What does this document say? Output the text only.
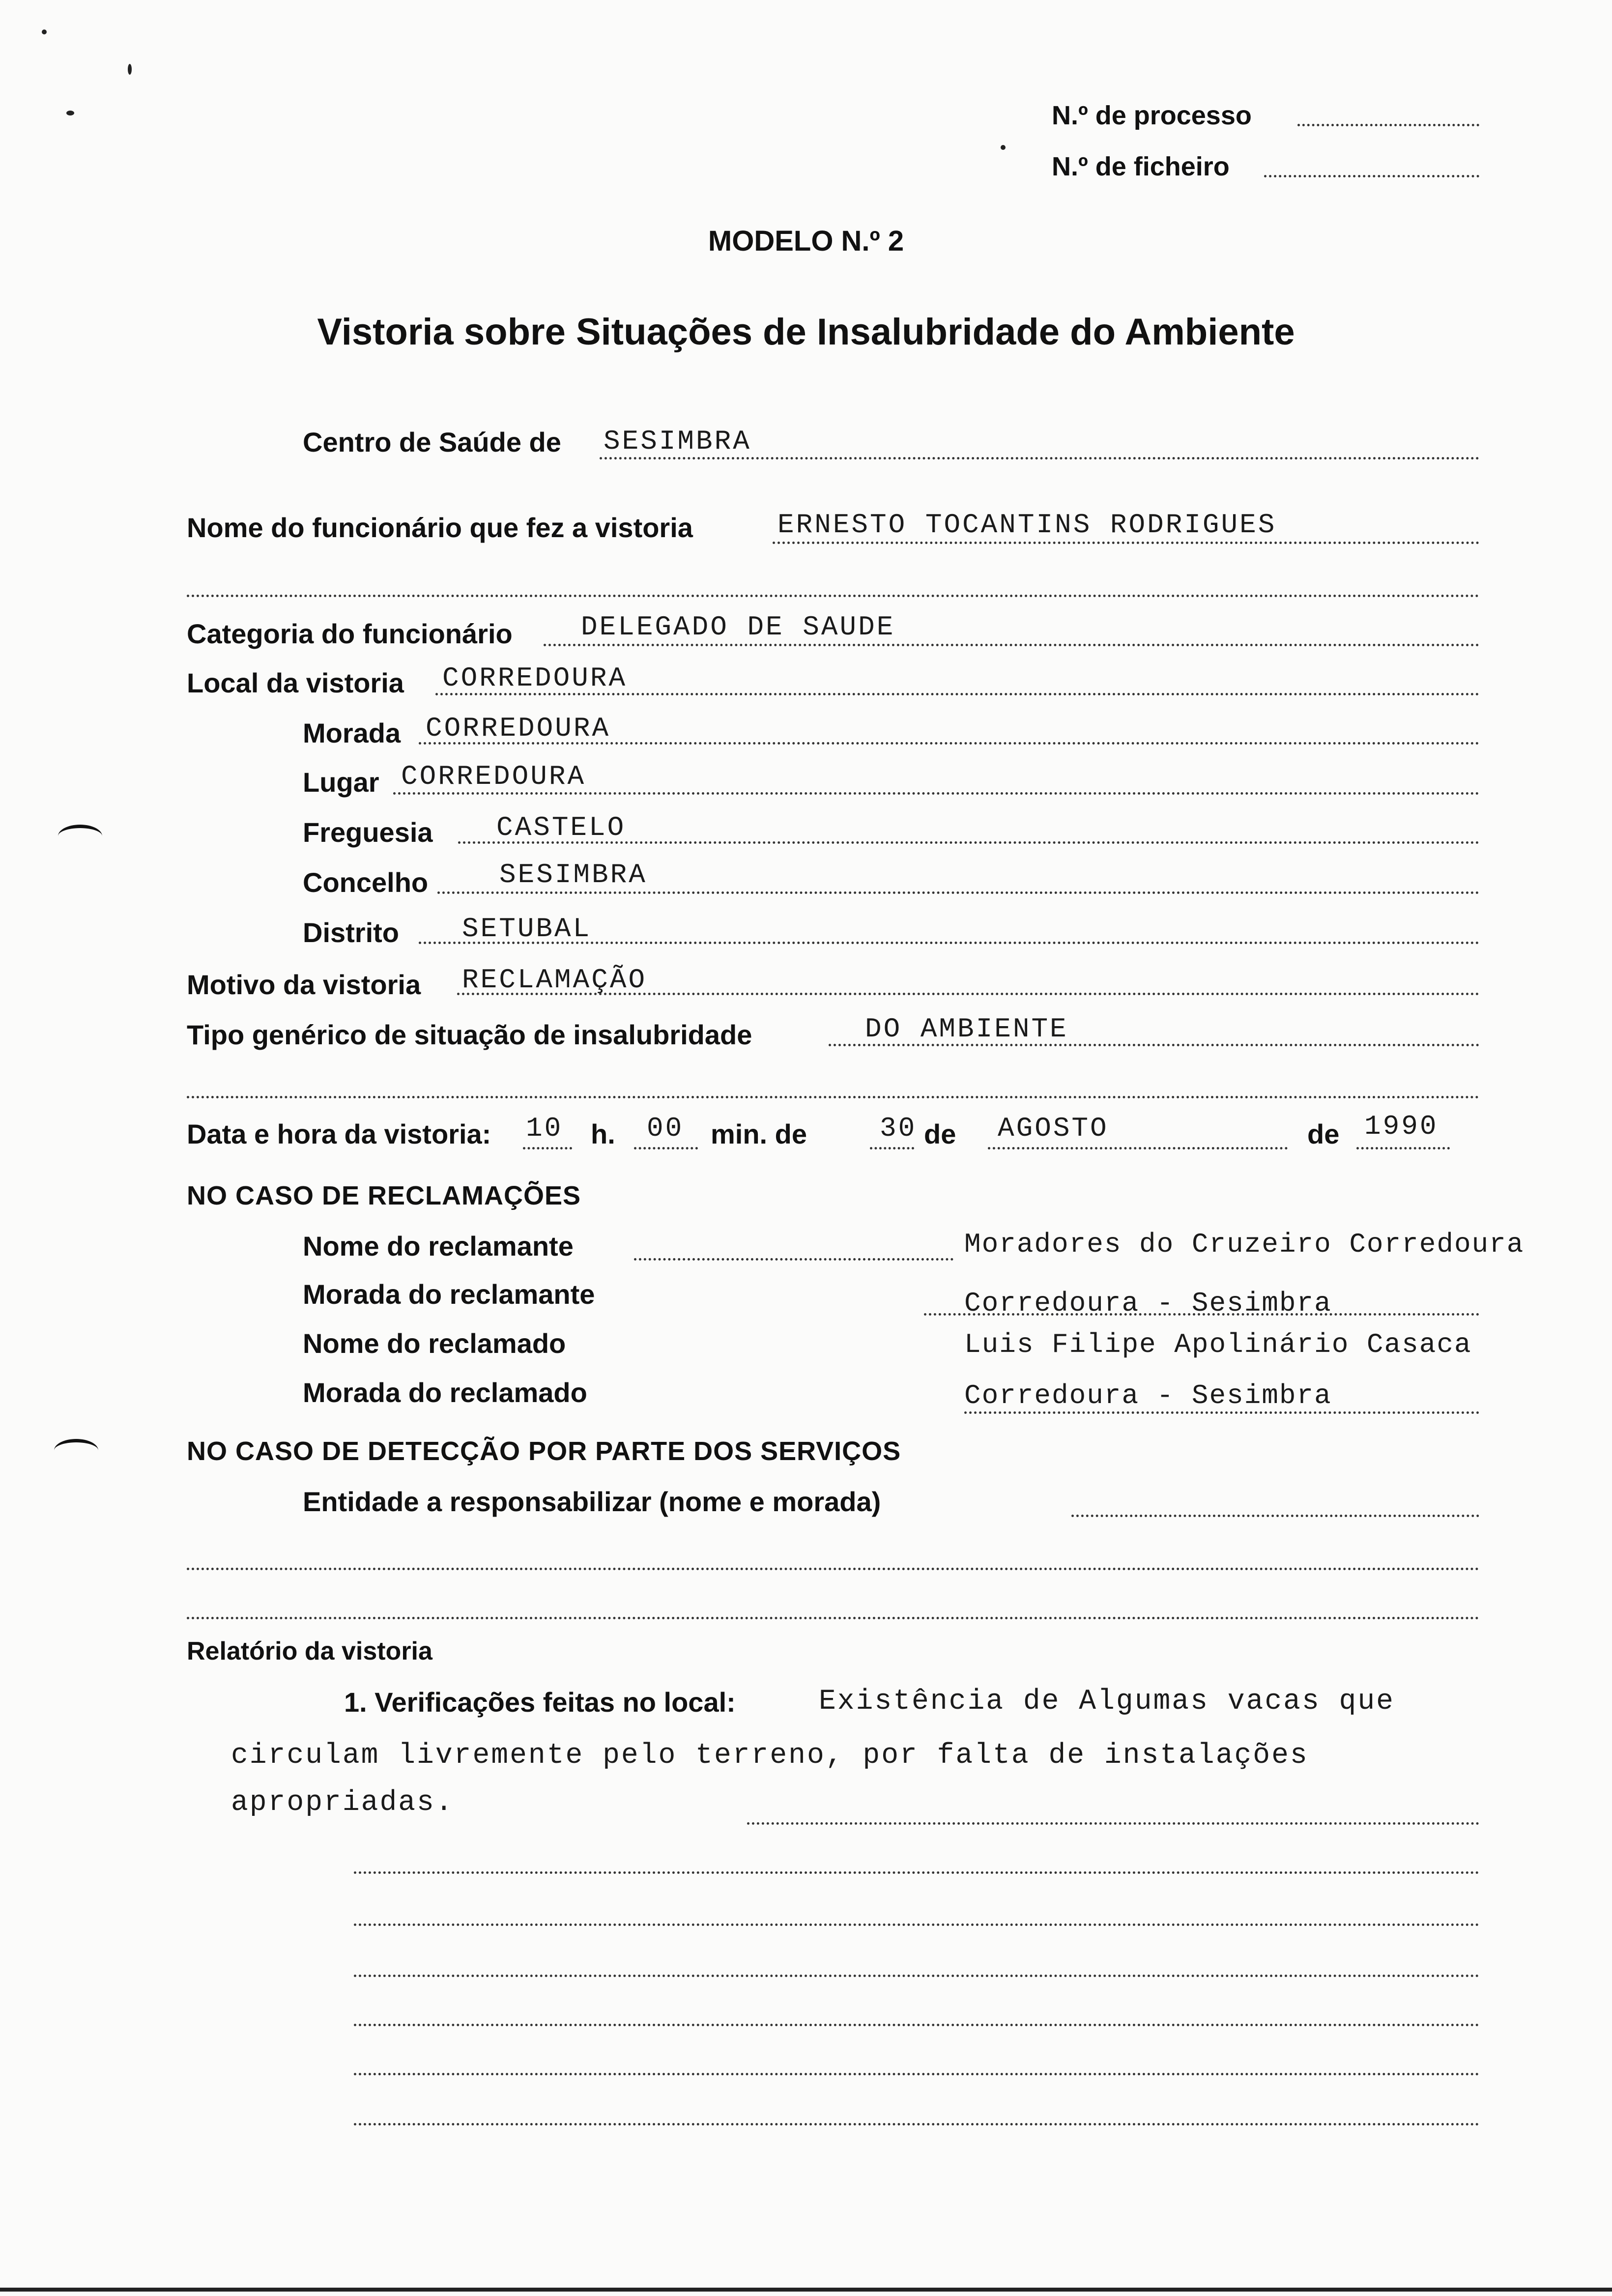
N.º de processo
N.º de ficheiro
MODELO N.º 2
Vistoria sobre Situações de Insalubridade do Ambiente
Centro de Saúde de SESIMBRA
Nome do funcionário que fez a vistoria	ERNESTO TOCANTINS RODRIGUES
Categoria do funcionário DELEGADO DE SAUDE
Local da vistoria CORREDOURA
Morada CORREDOURA
Lugar CORREDOURA
Freguesia CASTELO
Concelho	SESIMBRA
Distrito SETUBAL
Motivo da vistoria RECLAMAÇÃO
Tipo genérico de situação de insalubridade	DO AMBIENTE
Data e hora da vistoria: 10 h. 00 min. de	30 de AGOSTO	de 1990
NO CASO DE RECLAMAÇÕES
Nome do reclamante	Moradores do Cruzeiro Corredoura
Morada do reclamante	Corredoura - Sesimbra
Nome do reclamado	Luis Filipe Apolinário Casaca
Morada do reclamado	Corredoura - Sesimbra
NO CASO DE DETECÇÃO POR PARTE DOS SERVIÇOS
Entidade a responsabilizar (nome e morada)
Relatório da vistoria
1. Verificações feitas no local:	Existência de Algumas vacas que
circulam livremente pelo terreno, por falta de instalações
apropriadas.
